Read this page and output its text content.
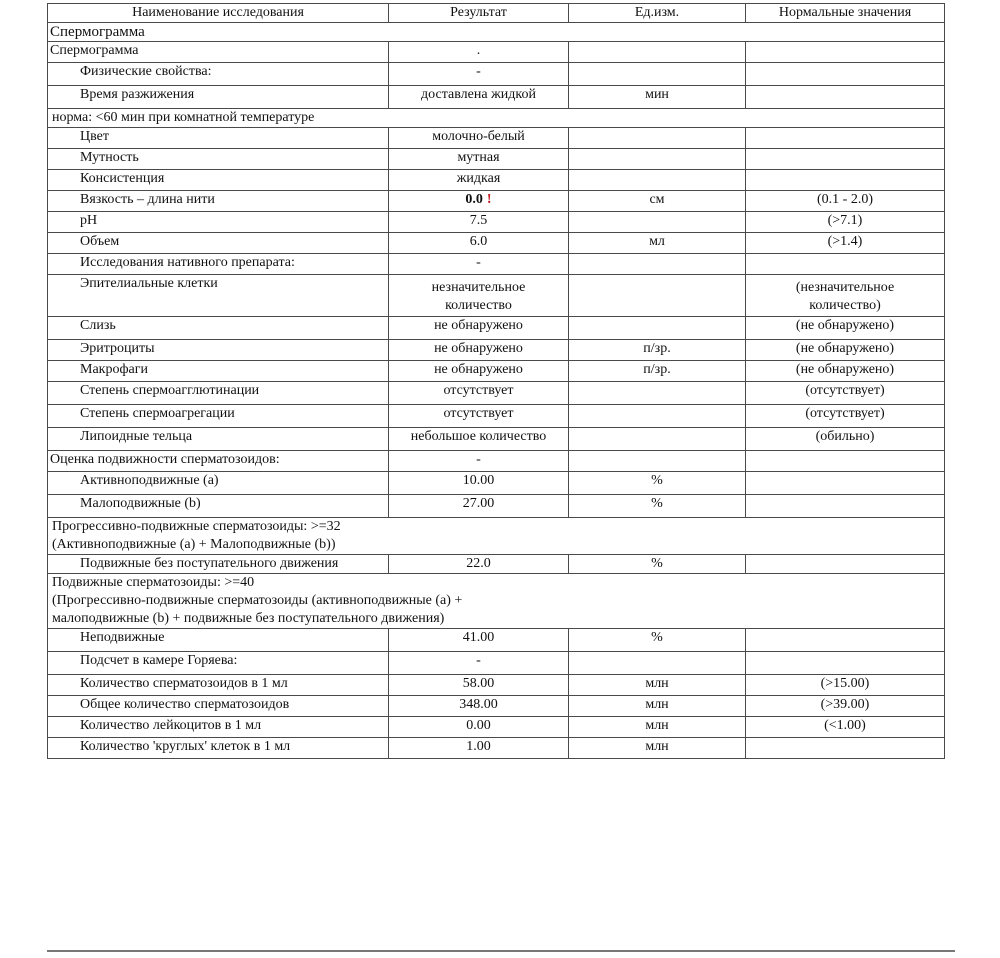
Наименование исследования	Результат	Ед.изм.	Нормальные значения
Спермограмма			
Спермограмма	.		
Физические свойства:	-		
Время разжижения	доставлена жидкой	мин	
норма: <60 мин при комнатной температуре			
Цвет	молочно-белый		
Мутность	мутная		
Консистенция	жидкая		
Вязкость – длина нити	0.0 !	см	(0.1 - 2.0)
pH	7.5		(>7.1)
Объем	6.0	мл	(>1.4)
Исследования нативного препарата:	-		
Эпителиальные клетки	незначительное количество		(незначительное количество)
Слизь	не обнаружено		(не обнаружено)
Эритроциты	не обнаружено	п/зр.	(не обнаружено)
Макрофаги	не обнаружено	п/зр.	(не обнаружено)
Степень спермоагглютинации	отсутствует		(отсутствует)
Степень спермоагрегации	отсутствует		(отсутствует)
Липоидные тельца	небольшое количество		(обильно)
Оценка подвижности сперматозоидов:	-		
Активноподвижные (a)	10.00	%	
Малоподвижные (b)	27.00	%	

Прогрессивно-подвижные сперматозоиды: >=32
(Активноподвижные (a) + Малоподвижные (b))			

Подвижные без поступательного движения	22.0	%	

Подвижные сперматозоиды: >=40
(Прогрессивно-подвижные сперматозоиды (активноподвижные (a) +
малоподвижные (b) + подвижные без поступательного движения)			

Неподвижные	41.00	%	
Подсчет в камере Горяева:	-		
Количество сперматозоидов в 1 мл	58.00	млн	(>15.00)
Общее количество сперматозоидов	348.00	млн	(>39.00)
Количество лейкоцитов в 1 мл	0.00	млн	(<1.00)
Количество 'круглых' клеток в 1 мл	1.00	млн	
